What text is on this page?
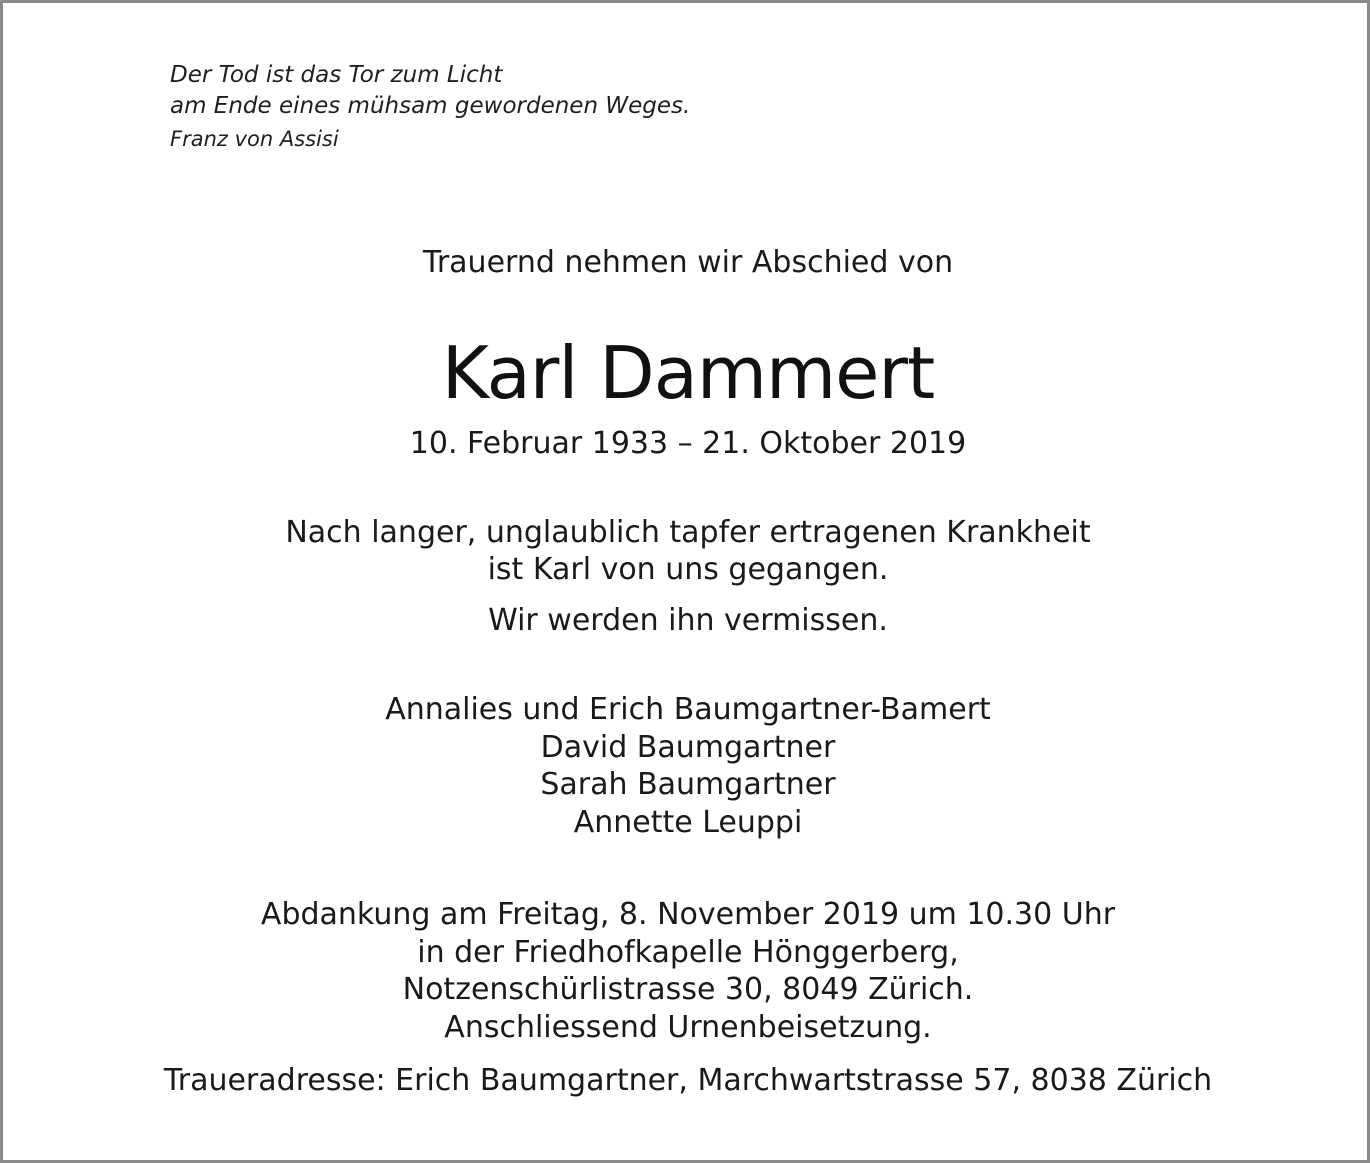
Der Tod ist das Tor zum Licht
am Ende eines mühsam gewordenen Weges.
Franz von Assisi
Trauernd nehmen wir Abschied von
Karl Dammert
10. Februar 1933 – 21. Oktober 2019
Nach langer, unglaublich tapfer ertragenen Krankheit
ist Karl von uns gegangen.
Wir werden ihn vermissen.
Annalies und Erich Baumgartner-Bamert
David Baumgartner
Sarah Baumgartner
Annette Leuppi
Abdankung am Freitag, 8. November 2019 um 10.30 Uhr
in der Friedhofkapelle Hönggerberg,
Notzenschürlistrasse 30, 8049 Zürich.
Anschliessend Urnenbeisetzung.
Traueradresse: Erich Baumgartner, Marchwartstrasse 57, 8038 Zürich
